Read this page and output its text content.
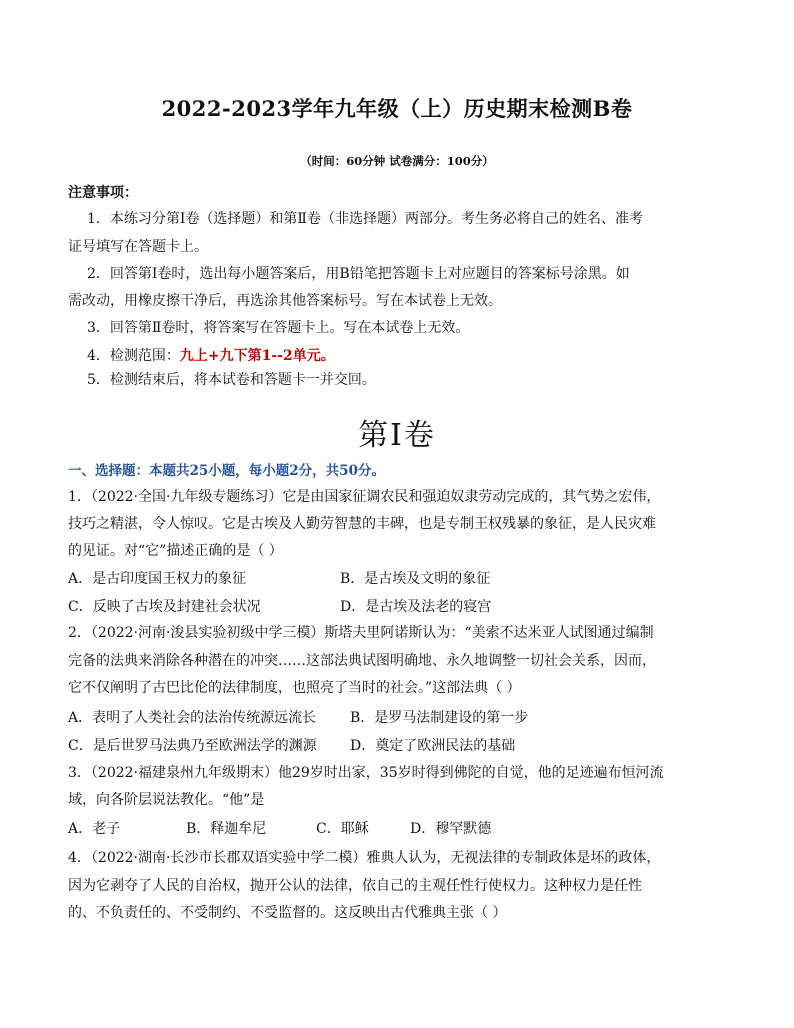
2022-2023学年九年级（上）历史期末检测B卷
（时间：60分钟 试卷满分：100分）
注意事项：
1．本练习分第Ⅰ卷（选择题）和第Ⅱ卷（非选择题）两部分。考生务必将自己的姓名、准考
证号填写在答题卡上。
2．回答第Ⅰ卷时，选出每小题答案后，用B铅笔把答题卡上对应题目的答案标号涂黑。如
需改动，用橡皮擦干净后，再选涂其他答案标号。写在本试卷上无效。
3．回答第Ⅱ卷时，将答案写在答题卡上。写在本试卷上无效。
4．检测范围：九上+九下第1--2单元。
5．检测结束后，将本试卷和答题卡一并交回。
第Ⅰ卷
一、选择题：本题共25小题，每小题2分，共50分。
1．（2022·全国·九年级专题练习）它是由国家征调农民和强迫奴隶劳动完成的，其气势之宏伟，
技巧之精湛，令人惊叹。它是古埃及人勤劳智慧的丰碑，也是专制王权残暴的象征，是人民灾难
的见证。对“它”描述正确的是（ ）
A．是古印度国王权力的象征	B．是古埃及文明的象征
C．反映了古埃及封建社会状况	D．是古埃及法老的寝宫
2．（2022·河南·浚县实验初级中学三模）斯塔夫里阿诺斯认为：“美索不达米亚人试图通过编制
完备的法典来消除各种潜在的冲突……这部法典试图明确地、永久地调整一切社会关系，因而，
它不仅阐明了古巴比伦的法律制度，也照亮了当时的社会。”这部法典（ ）
A．表明了人类社会的法治传统源远流长 B．是罗马法制建设的第一步
C．是后世罗马法典乃至欧洲法学的渊源 D．奠定了欧洲民法的基础
3．（2022·福建泉州九年级期末）他29岁时出家，35岁时得到佛陀的自觉，他的足迹遍布恒河流
域，向各阶层说法教化。“他”是
A．老子	B．释迦牟尼	C．耶稣	D．穆罕默德
4．（2022·湖南·长沙市长郡双语实验中学二模）雅典人认为，无视法律的专制政体是坏的政体，
因为它剥夺了人民的自治权，抛开公认的法律，依自己的主观任性行使权力。这种权力是任性
的、不负责任的、不受制约、不受监督的。这反映出古代雅典主张（ ）
